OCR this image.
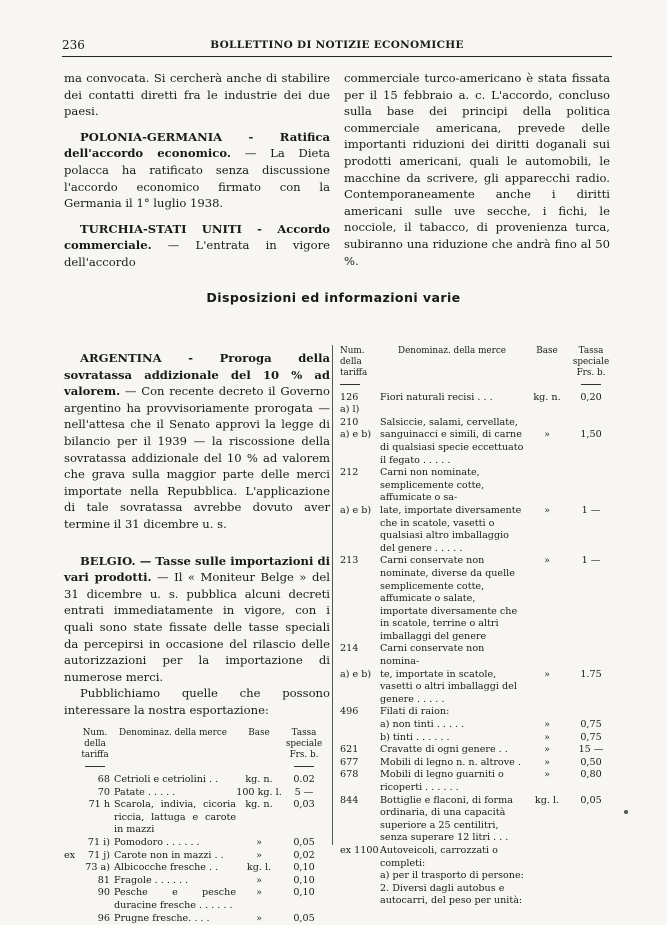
236	BOLLETTINO DI NOTIZIE ECONOMICHE

ma convocata. Si cercherà anche di stabilire dei contatti diretti fra le industrie dei due paesi.

POLONIA-GERMANIA - Ratifica dell'accordo economico. — La Dieta polacca ha ratificato senza discussione l'accordo economico firmato con la Germania il 1° luglio 1938.

TURCHIA-STATI UNITI - Accordo commerciale. — L'entrata in vigore dell'accordo

commerciale turco-americano è stata fissata per il 15 febbraio a. c. L'accordo, concluso sulla base dei principi della politica commerciale americana, prevede delle importanti riduzioni dei diritti doganali sui prodotti americani, quali le automobili, le macchine da scrivere, gli apparecchi radio. Contemporaneamente anche i diritti americani sulle uve secche, i fichi, le nocciole, il tabacco, di provenienza turca, subiranno una riduzione che andrà fino al 50 %.

Disposizioni ed informazioni varie

ARGENTINA - Proroga della sovratassa addizionale del 10 % ad valorem. — Con recente decreto il Governo argentino ha provvisoriamente prorogata — nell'attesa che il Senato approvi la legge di bilancio per il 1939 — la riscossione della sovratassa addizionale del 10 % ad valorem che grava sulla maggior parte delle merci importate nella Repubblica. L'applicazione di tale sovratassa avrebbe dovuto aver termine il 31 dicembre u. s.

BELGIO. — Tasse sulle importazioni di vari prodotti. — Il « Moniteur Belge » del 31 dicembre u. s. pubblica alcuni decreti entrati immediatamente in vigore, con i quali sono state fissate delle tasse speciali da percepirsi in occasione del rilascio delle autorizzazioni per la importazione di numerose merci.

Pubblichiamo quelle che possono interessare la nostra esportazione:

	Num. della tariffa	Denominaz. della merce	Base	Tassa speciale Frs. b.

	68	Cetrioli e cetriolini . .	kg. n.	0.02
	70	Patate . . . . .	100 kg. l.	5 —
	71 h	Scarola, indivia, cicoria riccia, lattuga e carote in mazzi	kg. n.	0,03
	71 i)	Pomodoro . . . . . .	»	0,05
ex	71 j)	Carote non in mazzi . .	»	0,02
	73 a)	Albicocche fresche . .	kg. l.	0,10
	81	Fragole . . . . . .	»	0,10
	90	Pesche e pesche duracine fresche . . . . . .	»	0,10
	96	Prugne fresche. . . .	»	0,05
Num. della tariffa	Denominaz. della merce	Base	Tassa speciale Frs. b.

126	Fiori naturali recisi . . .	kg. n.	0,20
a) l)			
210	Salsiccie, salami, cervellate,		
a) e b)	sanguinacci e simili, di carne di qualsiasi specie eccettuato il fegato . . . . .	»	1,50
212	Carni non nominate, semplicemente cotte, affumicate o sa-		
a) e b)	late, importate diversamente che in scatole, vasetti o qualsiasi altro imballaggio del genere . . . . .	»	1 —
213	Carni conservate non nominate, diverse da quelle semplicemente cotte, affumicate o salate, importate diversamente che in scatole, terrine o altri imballaggi del genere	»	1 —
214	Carni conservate non nomina-		
a) e b)	te, importate in scatole, vasetti o altri imballaggi del genere . . . . .	»	1.75
496	Filati di raion:		
	a) non tinti . . . . .	»	0,75
	b) tinti . . . . . .	»	0,75
621	Cravatte di ogni genere . .	»	15 —
677	Mobili di legno n. n. altrove .	»	0,50
678	Mobili di legno guarniti o ricoperti . . . . . .	»	0,80
844	Bottiglie e flaconi, di forma ordinaria, di una capacità superiore a 25 centilitri, senza superare 12 litri . . .	kg. l.	0,05
ex 1100	Autoveicoli, carrozzati o completi:		
	a) per il trasporto di persone:		
	2. Diversi dagli autobus e autocarri, del peso per unità:		
